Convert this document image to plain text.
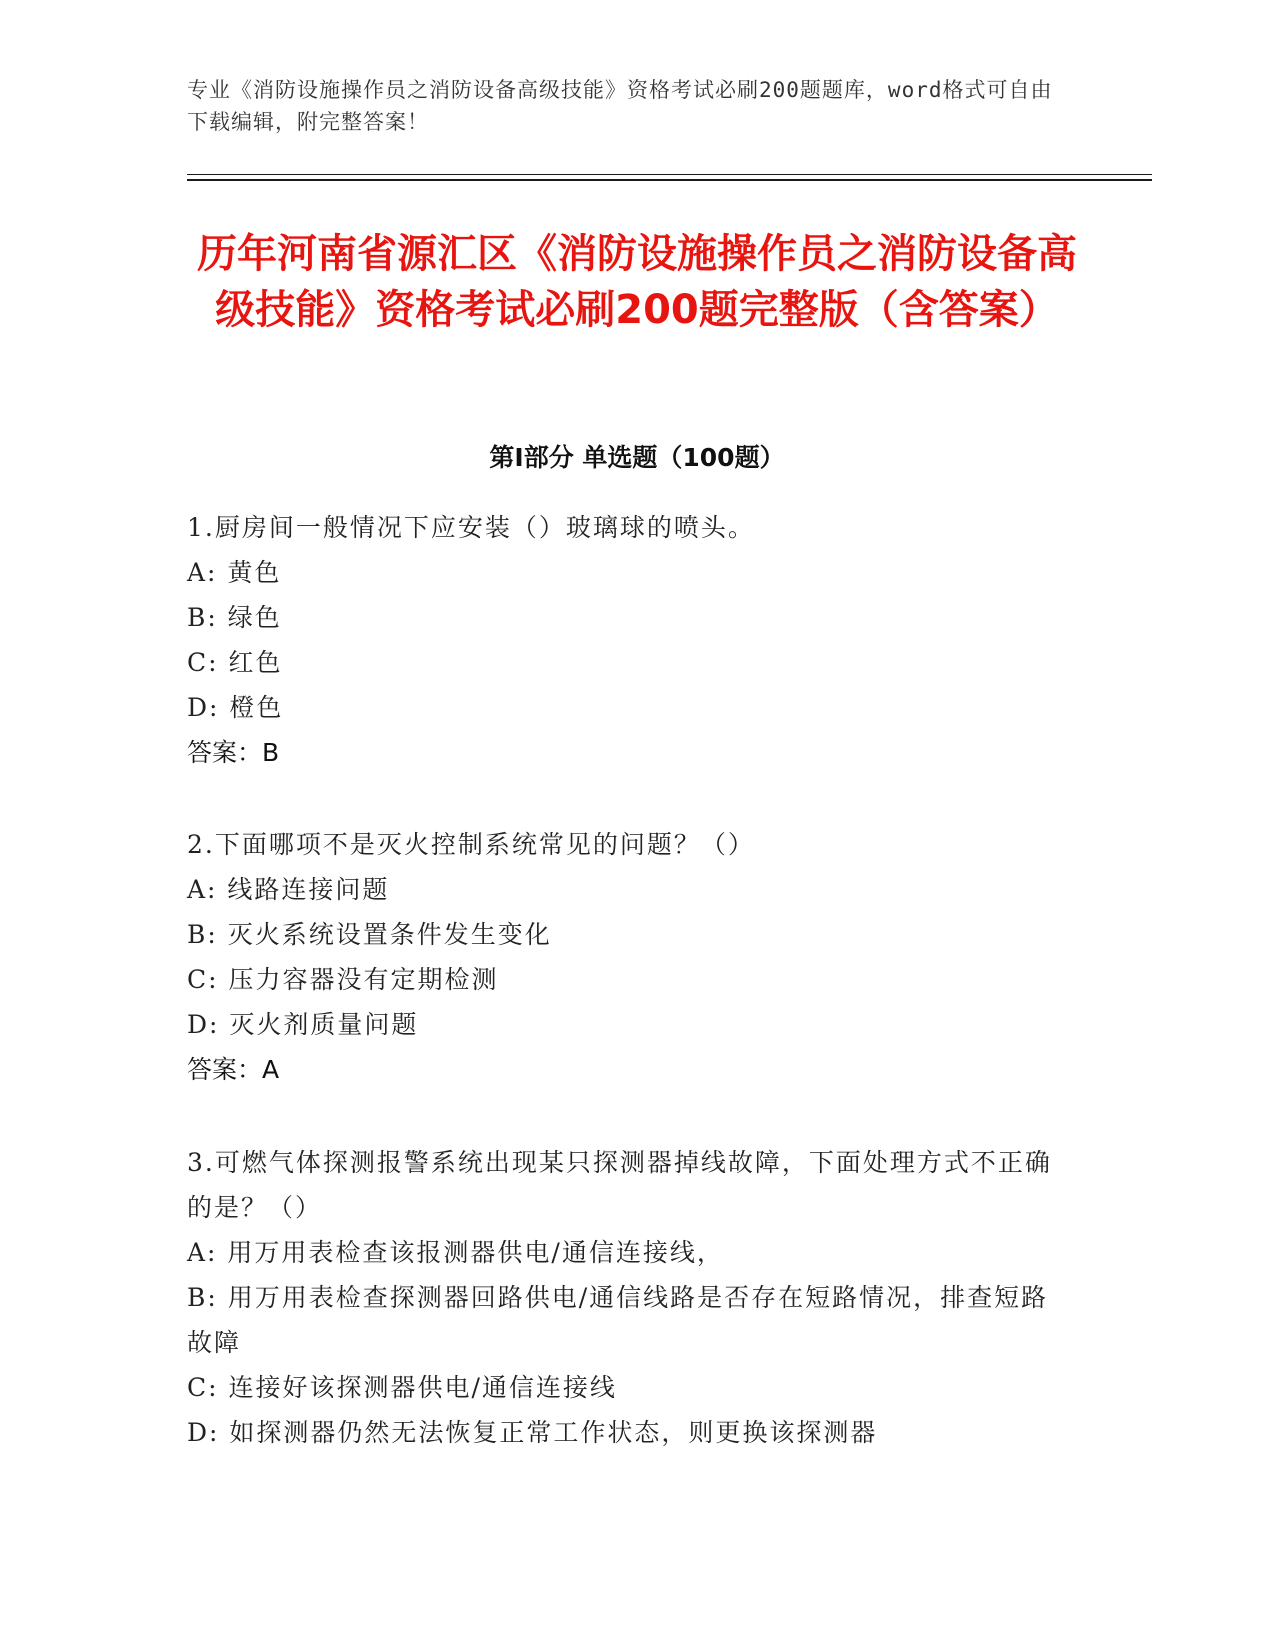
专业《消防设施操作员之消防设备高级技能》资格考试必刷200题题库，word格式可自由下载编辑，附完整答案！
历年河南省源汇区《消防设施操作员之消防设备高级技能》资格考试必刷200题完整版（含答案）
第Ⅰ部分 单选题（100题）
1.厨房间一般情况下应安装（）玻璃球的喷头。
A: 黄色
B: 绿色
C: 红色
D: 橙色
答案：B
2.下面哪项不是灭火控制系统常见的问题？（）
A: 线路连接问题
B: 灭火系统设置条件发生变化
C: 压力容器没有定期检测
D: 灭火剂质量问题
答案：A
3.可燃气体探测报警系统出现某只探测器掉线故障，下面处理方式不正确的是？（）
A: 用万用表检查该报测器供电/通信连接线，
B: 用万用表检查探测器回路供电/通信线路是否存在短路情况，排查短路故障
C: 连接好该探测器供电/通信连接线
D: 如探测器仍然无法恢复正常工作状态，则更换该探测器
